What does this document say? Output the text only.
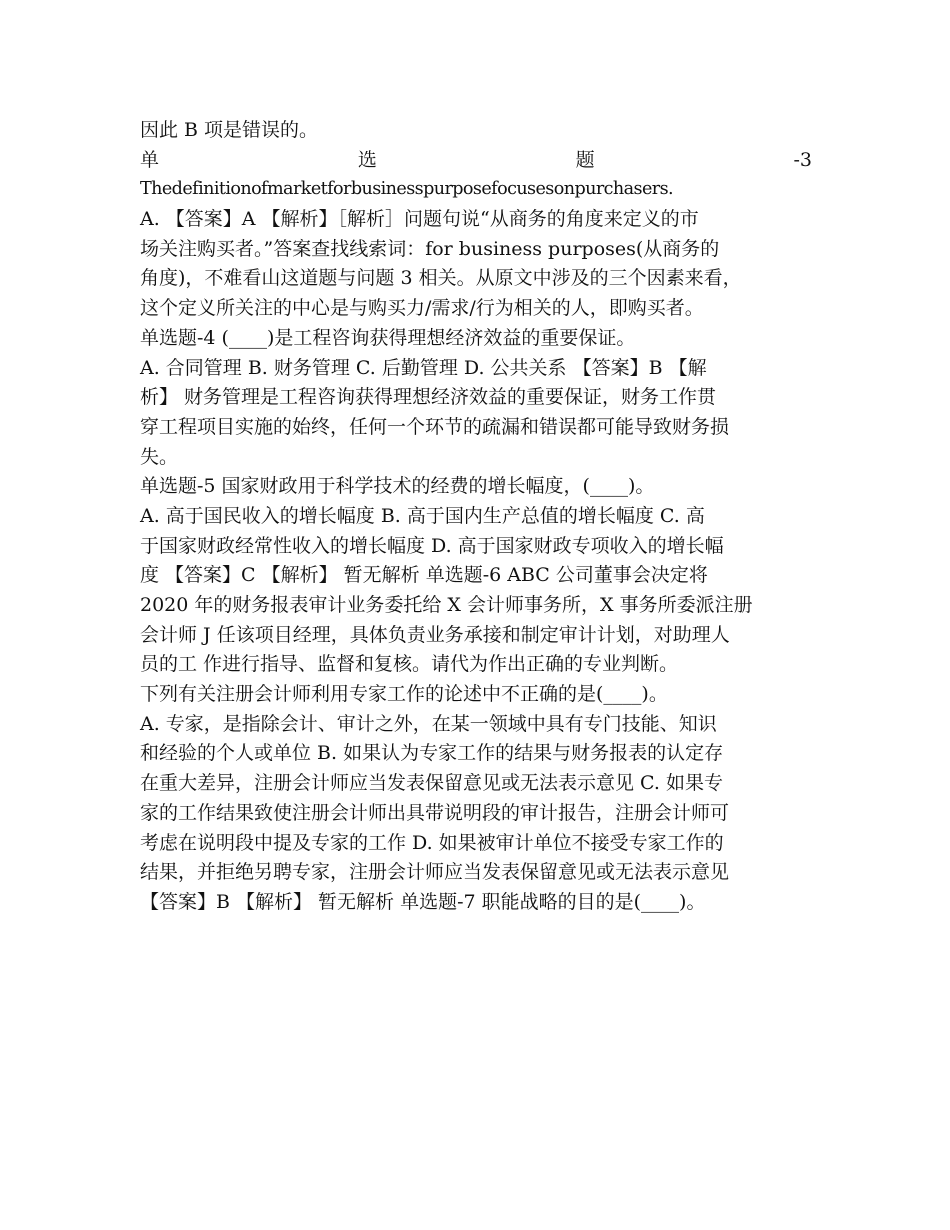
因此 B 项是错误的。
单	选	题	-3
Thedefinitionofmarketforbusinesspurposefocusesonpurchasers.
A. 【答案】A 【解析】［解析］问题句说“从商务的角度来定义的市
场关注购买者。”答案查找线索词：for business purposes(从商务的
角度)，不难看山这道题与问题 3 相关。从原文中涉及的三个因素来看，
这个定义所关注的中心是与购买力/需求/行为相关的人，即购买者。
单选题-4 (____)是工程咨询获得理想经济效益的重要保证。
A. 合同管理 B. 财务管理 C. 后勤管理 D. 公共关系 【答案】B 【解
析】 财务管理是工程咨询获得理想经济效益的重要保证，财务工作贯
穿工程项目实施的始终，任何一个环节的疏漏和错误都可能导致财务损
失。
单选题-5 国家财政用于科学技术的经费的增长幅度，(____)。
A. 高于国民收入的增长幅度 B. 高于国内生产总值的增长幅度 C. 高
于国家财政经常性收入的增长幅度 D. 高于国家财政专项收入的增长幅
度 【答案】C 【解析】 暂无解析 单选题-6 ABC 公司董事会决定将
2020 年的财务报表审计业务委托给 X 会计师事务所，X 事务所委派注册
会计师 J 任该项目经理，具体负责业务承接和制定审计计划，对助理人
员的工 作进行指导、监督和复核。请代为作出正确的专业判断。
下列有关注册会计师利用专家工作的论述中不正确的是(____)。
A. 专家，是指除会计、审计之外，在某一领域中具有专门技能、知识
和经验的个人或单位 B. 如果认为专家工作的结果与财务报表的认定存
在重大差异，注册会计师应当发表保留意见或无法表示意见 C. 如果专
家的工作结果致使注册会计师出具带说明段的审计报告，注册会计师可
考虑在说明段中提及专家的工作 D. 如果被审计单位不接受专家工作的
结果，并拒绝另聘专家，注册会计师应当发表保留意见或无法表示意见
【答案】B 【解析】 暂无解析 单选题-7 职能战略的目的是(____)。
